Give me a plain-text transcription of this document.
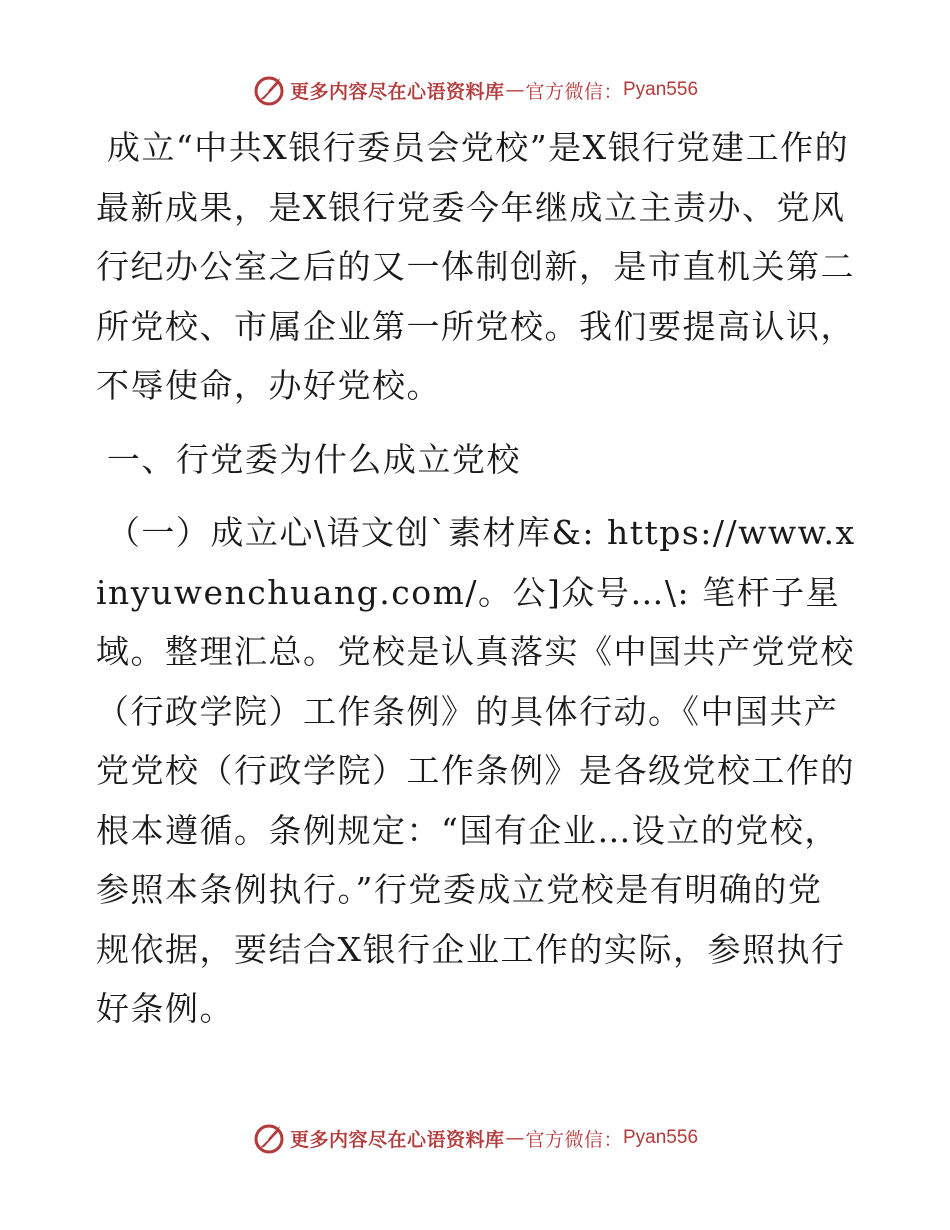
更多内容尽在心语资料库 — 官方微信： Pyan556

成立“中共X银行委员会党校”是X银行党建工作的最新成果，是X银行党委今年继成立主责办、党风行纪办公室之后的又一体制创新，是市直机关第二所党校、市属企业第一所党校。我们要提高认识，不辱使命，办好党校。

一、行党委为什么成立党校

（一）成立心\语文创`素材库&: https://www.xinyuwenchuang.com/。公]众号…\: 笔杆子星域。整理汇总。党校是认真落实《中国共产党党校（行政学院）工作条例》的具体行动。《中国共产党党校（行政学院）工作条例》是各级党校工作的根本遵循。条例规定：“国有企业…设立的党校，参照本条例执行。”行党委成立党校是有明确的党规依据，要结合X银行企业工作的实际，参照执行好条例。

更多内容尽在心语资料库 — 官方微信： Pyan556
